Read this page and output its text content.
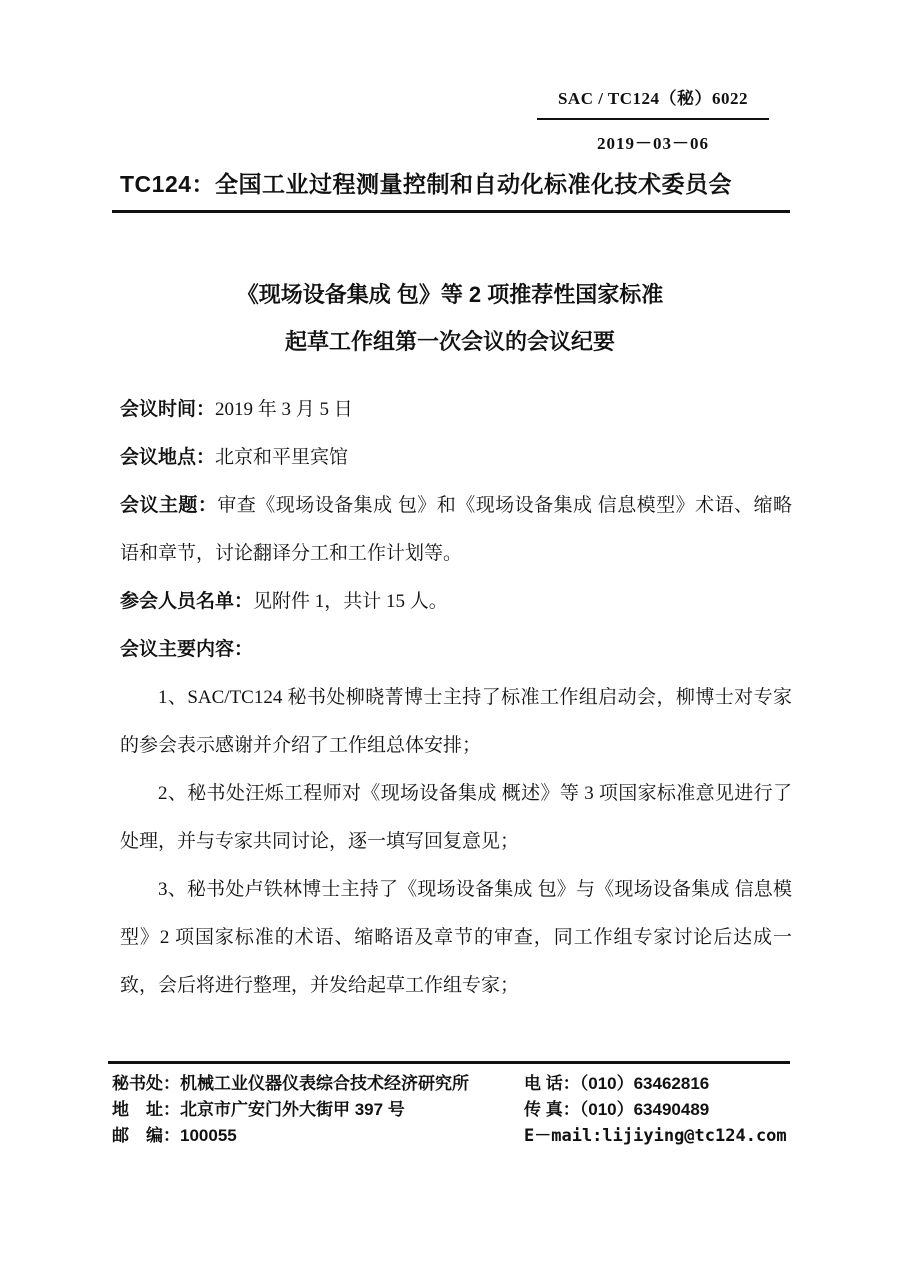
SAC / TC124（秘）6022
2019－03－06
TC124：全国工业过程测量控制和自动化标准化技术委员会
《现场设备集成 包》等 2 项推荐性国家标准
起草工作组第一次会议的会议纪要

会议时间：2019 年 3 月 5 日

会议地点：北京和平里宾馆

会议主题：审查《现场设备集成 包》和《现场设备集成 信息模型》术语、缩略语和章节，讨论翻译分工和工作计划等。

参会人员名单：见附件 1，共计 15 人。

会议主要内容：

1、SAC/TC124 秘书处柳晓菁博士主持了标准工作组启动会，柳博士对专家的参会表示感谢并介绍了工作组总体安排；

2、秘书处汪烁工程师对《现场设备集成 概述》等 3 项国家标准意见进行了处理，并与专家共同讨论，逐一填写回复意见；

3、秘书处卢铁林博士主持了《现场设备集成 包》与《现场设备集成 信息模型》2 项国家标准的术语、缩略语及章节的审查，同工作组专家讨论后达成一致，会后将进行整理，并发给起草工作组专家；

秘书处：机械工业仪器仪表综合技术经济研究所
地　址：北京市广安门外大街甲 397 号
邮　编：100055
电 话：（010）63462816
传 真：（010）63490489
E－mail:lijiying@tc124.com
